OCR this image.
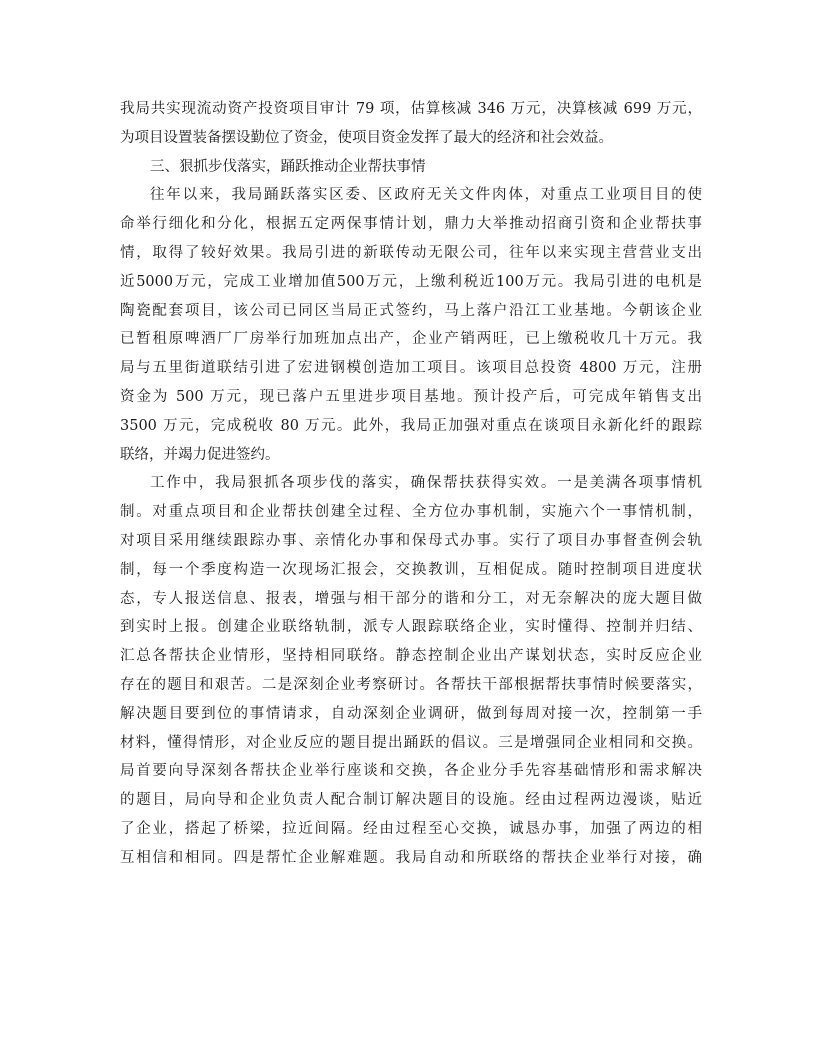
我局共实现流动资产投资项目审计 79 项，估算核减 346 万元，决算核减 699 万元，
为项目设置装备摆设勤位了资金，使项目资金发挥了最大的经济和社会效益。
三、狠抓步伐落实，踊跃推动企业帮扶事情
往年以来，我局踊跃落实区委、区政府无关文件肉体，对重点工业项目目的使
命举行细化和分化，根据五定两保事情计划，鼎力大举推动招商引资和企业帮扶事
情，取得了较好效果。我局引进的新联传动无限公司，往年以来实现主营营业支出
近5000万元，完成工业增加值500万元，上缴利税近100万元。我局引进的电机是
陶瓷配套项目，该公司已同区当局正式签约，马上落户沿江工业基地。今朝该企业
已暂租原啤酒厂厂房举行加班加点出产，企业产销两旺，已上缴税收几十万元。我
局与五里街道联结引进了宏进钢模创造加工项目。该项目总投资 4800 万元，注册
资金为 500 万元，现已落户五里进步项目基地。预计投产后，可完成年销售支出
3500 万元，完成税收 80 万元。此外，我局正加强对重点在谈项目永新化纤的跟踪
联络，并竭力促进签约。
工作中，我局狠抓各项步伐的落实，确保帮扶获得实效。一是美满各项事情机
制。对重点项目和企业帮扶创建全过程、全方位办事机制，实施六个一事情机制，
对项目采用继续跟踪办事、亲情化办事和保母式办事。实行了项目办事督查例会轨
制，每一个季度构造一次现场汇报会，交换教训，互相促成。随时控制项目进度状
态，专人报送信息、报表，增强与相干部分的谐和分工，对无奈解决的庞大题目做
到实时上报。创建企业联络轨制，派专人跟踪联络企业，实时懂得、控制并归结、
汇总各帮扶企业情形，坚持相同联络。静态控制企业出产谋划状态，实时反应企业
存在的题目和艰苦。二是深刻企业考察研讨。各帮扶干部根据帮扶事情时候要落实，
解决题目要到位的事情请求，自动深刻企业调研，做到每周对接一次，控制第一手
材料，懂得情形，对企业反应的题目提出踊跃的倡议。三是增强同企业相同和交换。
局首要向导深刻各帮扶企业举行座谈和交换，各企业分手先容基础情形和需求解决
的题目，局向导和企业负责人配合制订解决题目的设施。经由过程两边漫谈，贴近
了企业，搭起了桥梁，拉近间隔。经由过程至心交换，诚恳办事，加强了两边的相
互相信和相同。四是帮忙企业解难题。我局自动和所联络的帮扶企业举行对接，确
